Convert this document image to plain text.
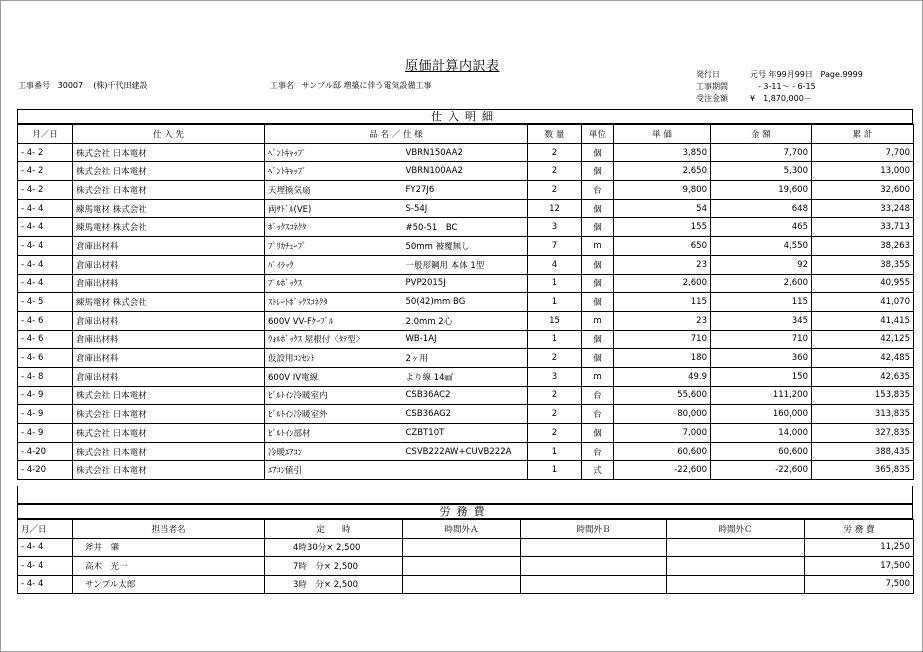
原価計算内訳表
工事番号 30007 (株)千代田建設	工事名 サンプル邸 増築に伴う電気設備工事
発行日	元号 年99月99日 Page.9999
工事期間	- 3-11～ - 6-15
受注金額	¥　1,870,000－
仕入明細
月／日	仕 入 先	品 名 ／ 仕 様		数 量	単位	単 価	金 額	累 計
- 4- 2	株式会社 日本電材	ﾍﾞﾝﾄｷｬｯﾌﾟ	VBRN150AA2	2	個	3,850	7,700	7,700
- 4- 2	株式会社 日本電材	ﾍﾞﾝﾄｷｬｯﾌﾟ	VBRN100AA2	2	個	2,650	5,300	13,000
- 4- 2	株式会社 日本電材	天埋換気扇	FY27J6	2	台	9,800	19,600	32,600
- 4- 4	練馬電材 株式会社	両ｻﾄﾞﾙ(VE)	S-54J	12	個	54	648	33,248
- 4- 4	練馬電材 株式会社	ﾎﾞｯｸｽｺﾈｸﾀ	#50-51　BC	3	個	155	465	33,713
- 4- 4	倉庫出材料	ﾌﾟﾘｶﾁｭｰﾌﾞ	50mm 被覆無し	7	m	650	4,550	38,263
- 4- 4	倉庫出材料	ﾊﾟｲﾗｯｸ	一般形鋼用 本体 1型	4	個	23	92	38,355
- 4- 4	倉庫出材料	ﾌﾟﾙﾎﾞｯｸｽ	PVP2015J	1	個	2,600	2,600	40,955
- 4- 5	練馬電材 株式会社	ｽﾄﾚｰﾄﾎﾞｯｸｽｺﾈｸﾀ	50(42)mm BG	1	個	115	115	41,070
- 4- 6	倉庫出材料	600V VV-Fｹｰﾌﾞﾙ	2.0mm 2心	15	m	23	345	41,415
- 4- 6	倉庫出材料	ｳｫﾙﾎﾞｯｸｽ 屋根付〈ﾀﾃ型〉	WB-1AJ	1	個	710	710	42,125
- 4- 6	倉庫出材料	仮設用ｺﾝｾﾝﾄ	2ヶ用	2	個	180	360	42,485
- 4- 8	倉庫出材料	600V IV電線	より線 14㎟	3	m	49.9	150	42,635
- 4- 9	株式会社 日本電材	ﾋﾞﾙﾄｲﾝ冷暖室内	CSB36AC2	2	台	55,600	111,200	153,835
- 4- 9	株式会社 日本電材	ﾋﾞﾙﾄｲﾝ冷暖室外	CSB36AG2	2	台	80,000	160,000	313,835
- 4- 9	株式会社 日本電材	ﾋﾞﾙﾄｲﾝ部材	CZBT10T	2	個	7,000	14,000	327,835
- 4-20	株式会社 日本電材	冷暖ｴｱｺﾝ	CSVB222AW+CUVB222A	1	台	60,600	60,600	388,435
- 4-20	株式会社 日本電材	ｴｱｺﾝ値引		1	式	-22,600	-22,600	365,835
労務費
月／日	担当者名	定　　時	時間外Ａ	時間外Ｂ	時間外Ｃ	労 務 費
- 4- 4	斧井　肇	4時30分× 2,500				11,250
- 4- 4	高木　光一	7時　分× 2,500				17,500
- 4- 4	サンプル太郎	3時　分× 2,500				7,500
